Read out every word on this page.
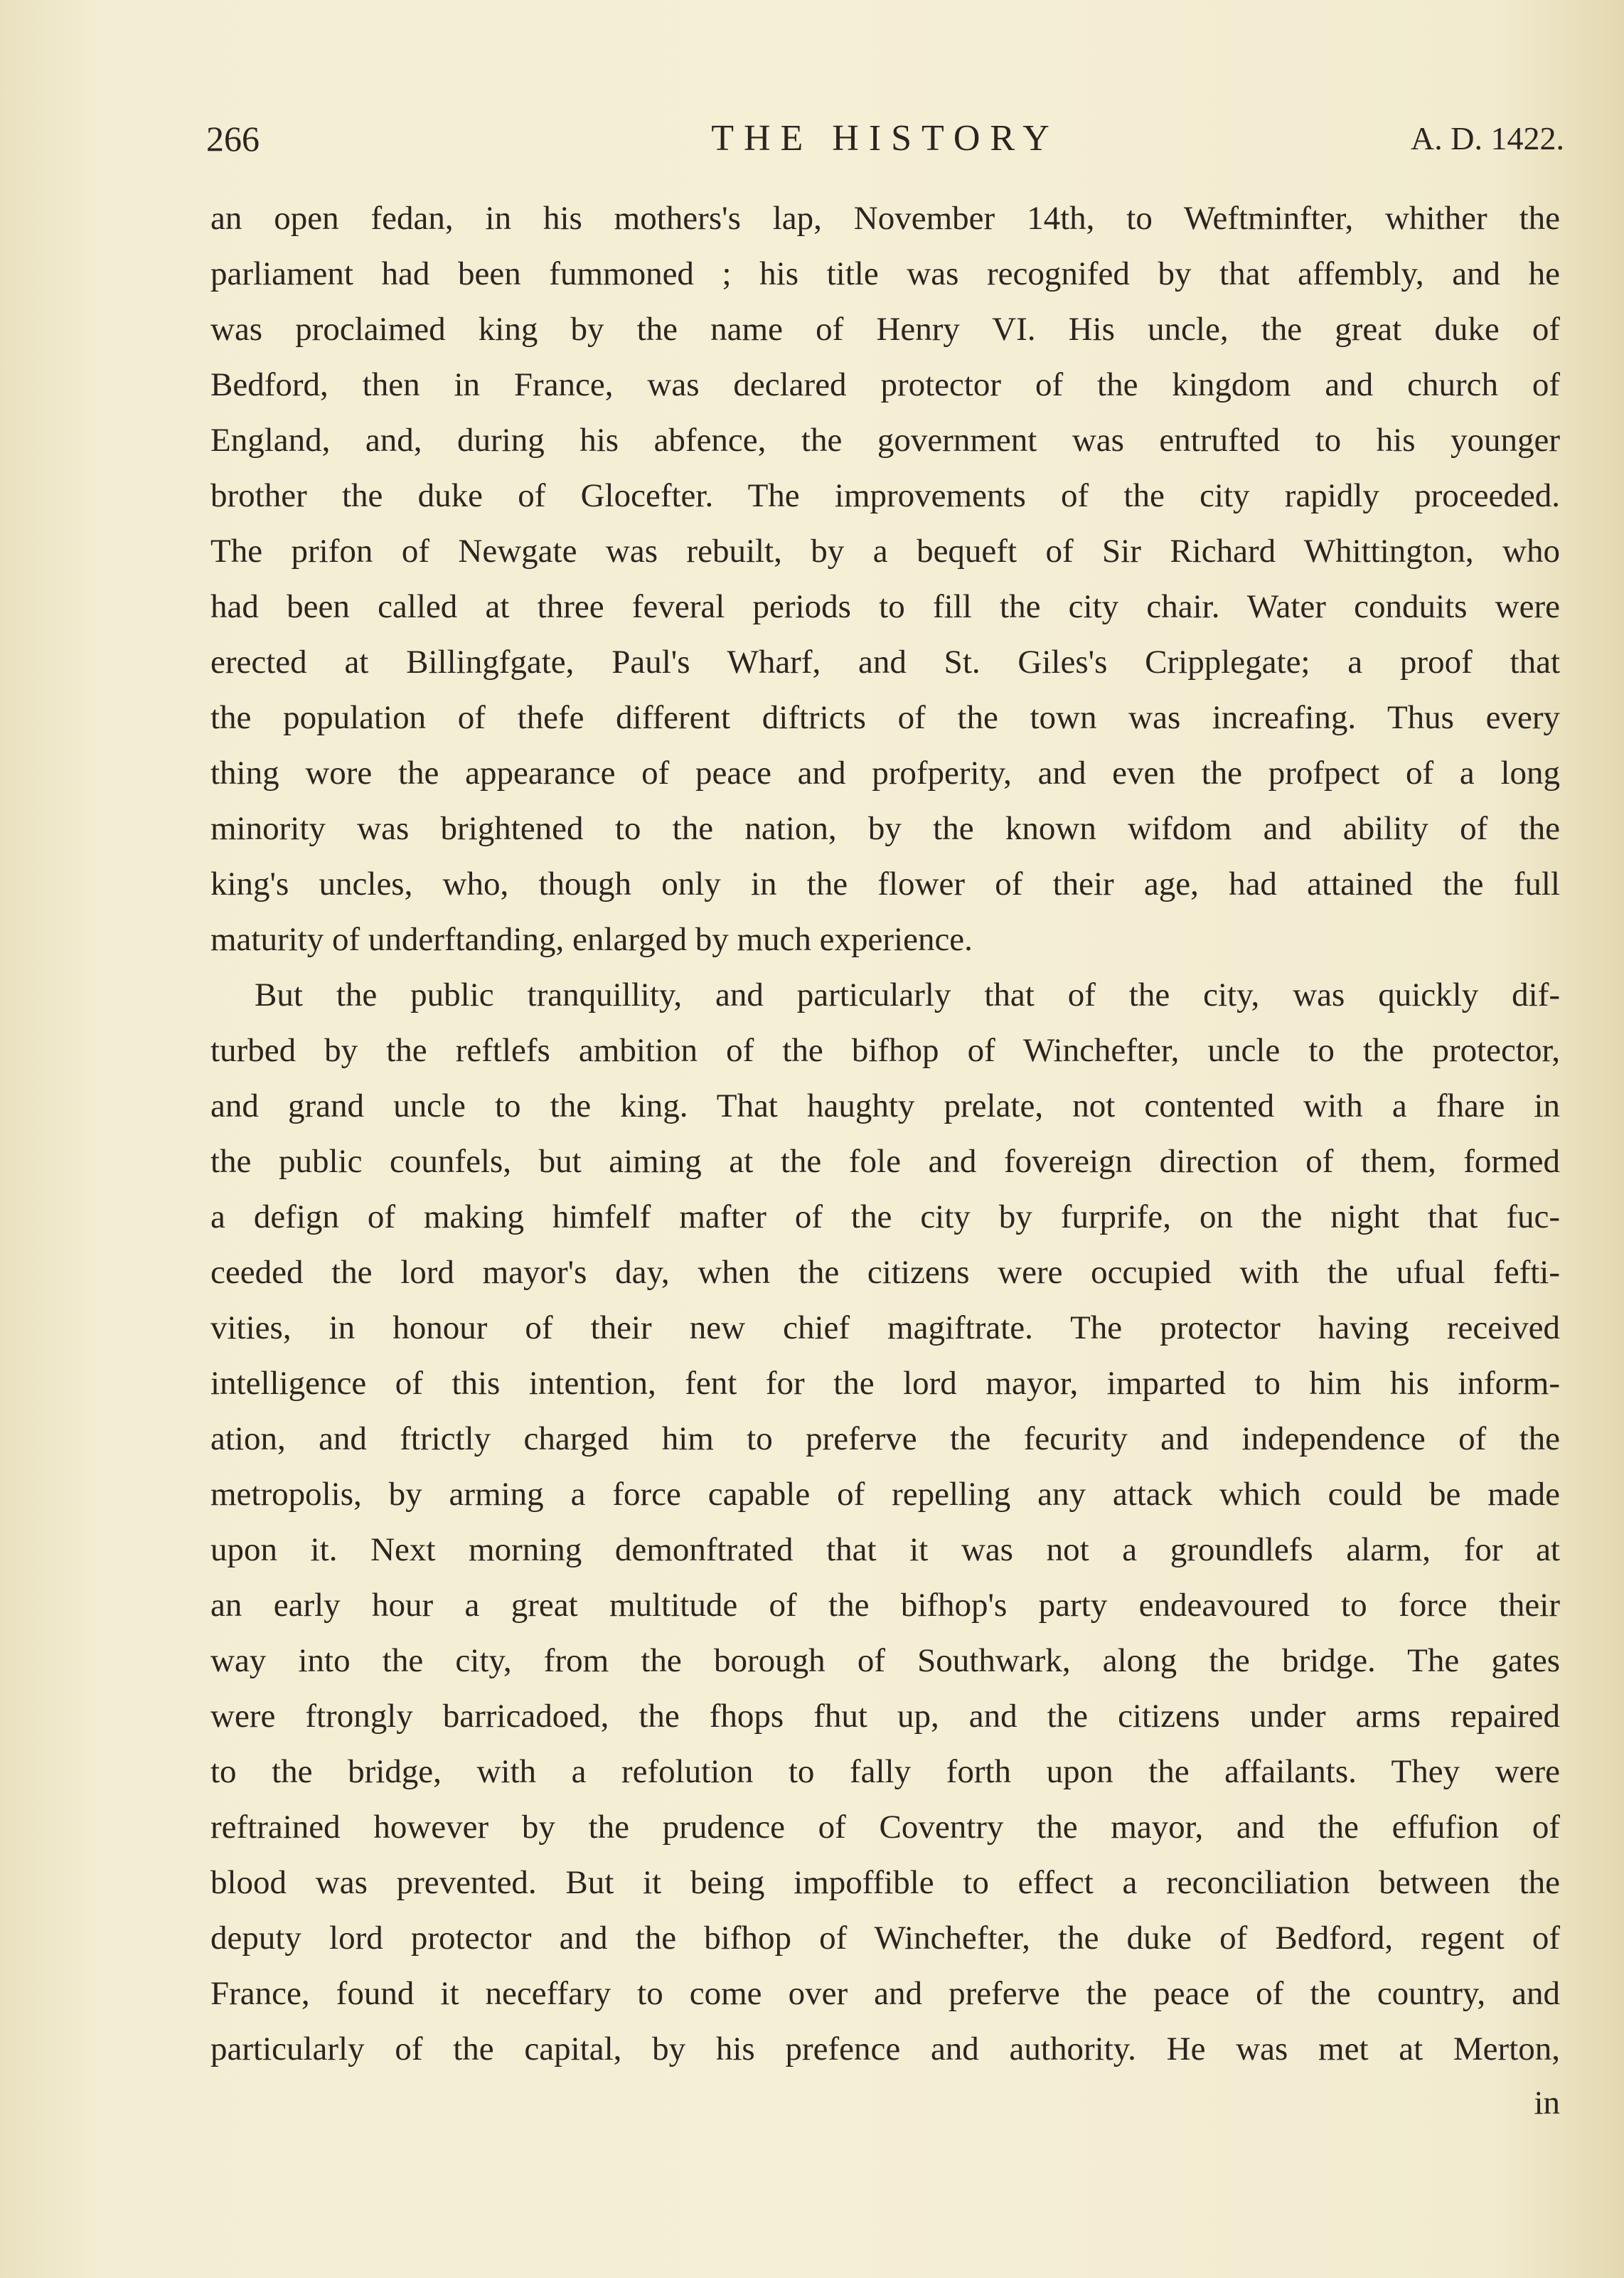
266	THE HISTORY	A. D. 1422.
an open fedan, in his mothers's lap, November 14th, to Weftminfter, whither the
parliament had been fummoned ; his title was recognifed by that affembly, and he
was proclaimed king by the name of Henry VI. His uncle, the great duke of
Bedford, then in France, was declared protector of the kingdom and church of
England, and, during his abfence, the government was entrufted to his younger
brother the duke of Glocefter. The improvements of the city rapidly proceeded.
The prifon of Newgate was rebuilt, by a bequeft of Sir Richard Whittington, who
had been called at three feveral periods to fill the city chair. Water conduits were
erected at Billingfgate, Paul's Wharf, and St. Giles's Cripplegate; a proof that
the population of thefe different diftricts of the town was increafing. Thus every
thing wore the appearance of peace and profperity, and even the profpect of a long
minority was brightened to the nation, by the known wifdom and ability of the
king's uncles, who, though only in the flower of their age, had attained the full
maturity of underftanding, enlarged by much experience.
But the public tranquillity, and particularly that of the city, was quickly dif-
turbed by the reftlefs ambition of the bifhop of Winchefter, uncle to the protector,
and grand uncle to the king. That haughty prelate, not contented with a fhare in
the public counfels, but aiming at the fole and fovereign direction of them, formed
a defign of making himfelf mafter of the city by furprife, on the night that fuc-
ceeded the lord mayor's day, when the citizens were occupied with the ufual fefti-
vities, in honour of their new chief magiftrate. The protector having received
intelligence of this intention, fent for the lord mayor, imparted to him his inform-
ation, and ftrictly charged him to preferve the fecurity and independence of the
metropolis, by arming a force capable of repelling any attack which could be made
upon it. Next morning demonftrated that it was not a groundlefs alarm, for at
an early hour a great multitude of the bifhop's party endeavoured to force their
way into the city, from the borough of Southwark, along the bridge. The gates
were ftrongly barricadoed, the fhops fhut up, and the citizens under arms repaired
to the bridge, with a refolution to fally forth upon the affailants. They were
reftrained however by the prudence of Coventry the mayor, and the effufion of
blood was prevented. But it being impoffible to effect a reconciliation between the
deputy lord protector and the bifhop of Winchefter, the duke of Bedford, regent of
France, found it neceffary to come over and preferve the peace of the country, and
particularly of the capital, by his prefence and authority. He was met at Merton,
in
